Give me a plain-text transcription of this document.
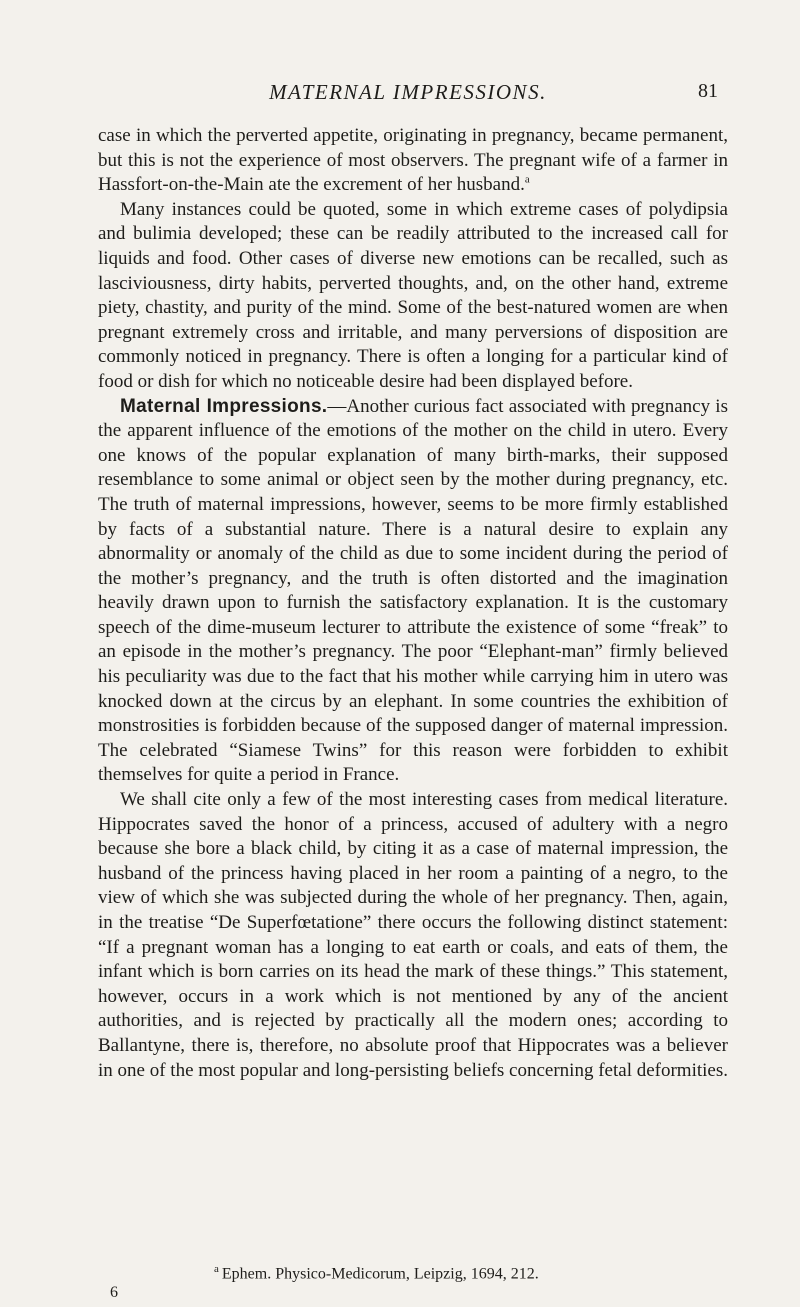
MATERNAL IMPRESSIONS.	81

case in which the perverted appetite, originating in pregnancy, became permanent, but this is not the experience of most observers. The pregnant wife of a farmer in Hassfort-on-the-Main ate the excrement of her husband.$^a$

Many instances could be quoted, some in which extreme cases of polydipsia and bulimia developed; these can be readily attributed to the increased call for liquids and food. Other cases of diverse new emotions can be recalled, such as lasciviousness, dirty habits, perverted thoughts, and, on the other hand, extreme piety, chastity, and purity of the mind. Some of the best-natured women are when pregnant extremely cross and irritable, and many perversions of disposition are commonly noticed in pregnancy. There is often a longing for a particular kind of food or dish for which no noticeable desire had been displayed before.

Maternal Impressions.—Another curious fact associated with pregnancy is the apparent influence of the emotions of the mother on the child in utero. Every one knows of the popular explanation of many birth-marks, their supposed resemblance to some animal or object seen by the mother during pregnancy, etc. The truth of maternal impressions, however, seems to be more firmly established by facts of a substantial nature. There is a natural desire to explain any abnormality or anomaly of the child as due to some incident during the period of the mother’s pregnancy, and the truth is often distorted and the imagination heavily drawn upon to furnish the satisfactory explanation. It is the customary speech of the dime-museum lecturer to attribute the existence of some “freak” to an episode in the mother’s pregnancy. The poor “Elephant-man” firmly believed his peculiarity was due to the fact that his mother while carrying him in utero was knocked down at the circus by an elephant. In some countries the exhibition of monstrosities is forbidden because of the supposed danger of maternal impression. The celebrated “Siamese Twins” for this reason were forbidden to exhibit themselves for quite a period in France.

We shall cite only a few of the most interesting cases from medical literature. Hippocrates saved the honor of a princess, accused of adultery with a negro because she bore a black child, by citing it as a case of maternal impression, the husband of the princess having placed in her room a painting of a negro, to the view of which she was subjected during the whole of her pregnancy. Then, again, in the treatise “De Superfœtatione” there occurs the following distinct statement: “If a pregnant woman has a longing to eat earth or coals, and eats of them, the infant which is born carries on its head the mark of these things.” This statement, however, occurs in a work which is not mentioned by any of the ancient authorities, and is rejected by practically all the modern ones; according to Ballantyne, there is, therefore, no absolute proof that Hippocrates was a believer in one of the most popular and long-persisting beliefs concerning fetal deformities.

$^a$ Ephem. Physico-Medicorum, Leipzig, 1694, 212.
6
